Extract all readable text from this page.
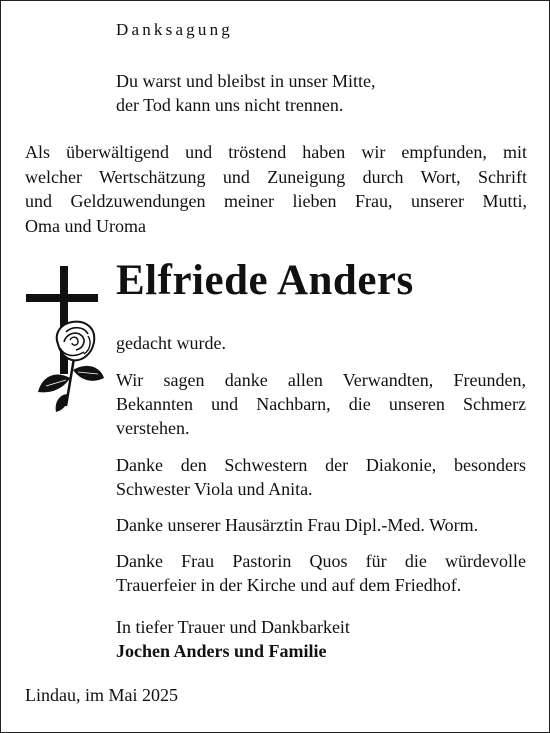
Danksagung
Du warst und bleibst in unser Mitte,
der Tod kann uns nicht trennen.
Als überwältigend und tröstend haben wir empfunden, mit
welcher Wertschätzung und Zuneigung durch Wort, Schrift
und Geldzuwendungen meiner lieben Frau, unserer Mutti,
Oma und Uroma
Elfriede Anders
gedacht wurde.
Wir sagen danke allen Verwandten, Freunden,
Bekannten und Nachbarn, die unseren Schmerz
verstehen.
Danke den Schwestern der Diakonie, besonders
Schwester Viola und Anita.
Danke unserer Hausärztin Frau Dipl.-Med. Worm.
Danke Frau Pastorin Quos für die würdevolle
Trauerfeier in der Kirche und auf dem Friedhof.
In tiefer Trauer und Dankbarkeit
Jochen Anders und Familie
Lindau, im Mai 2025
